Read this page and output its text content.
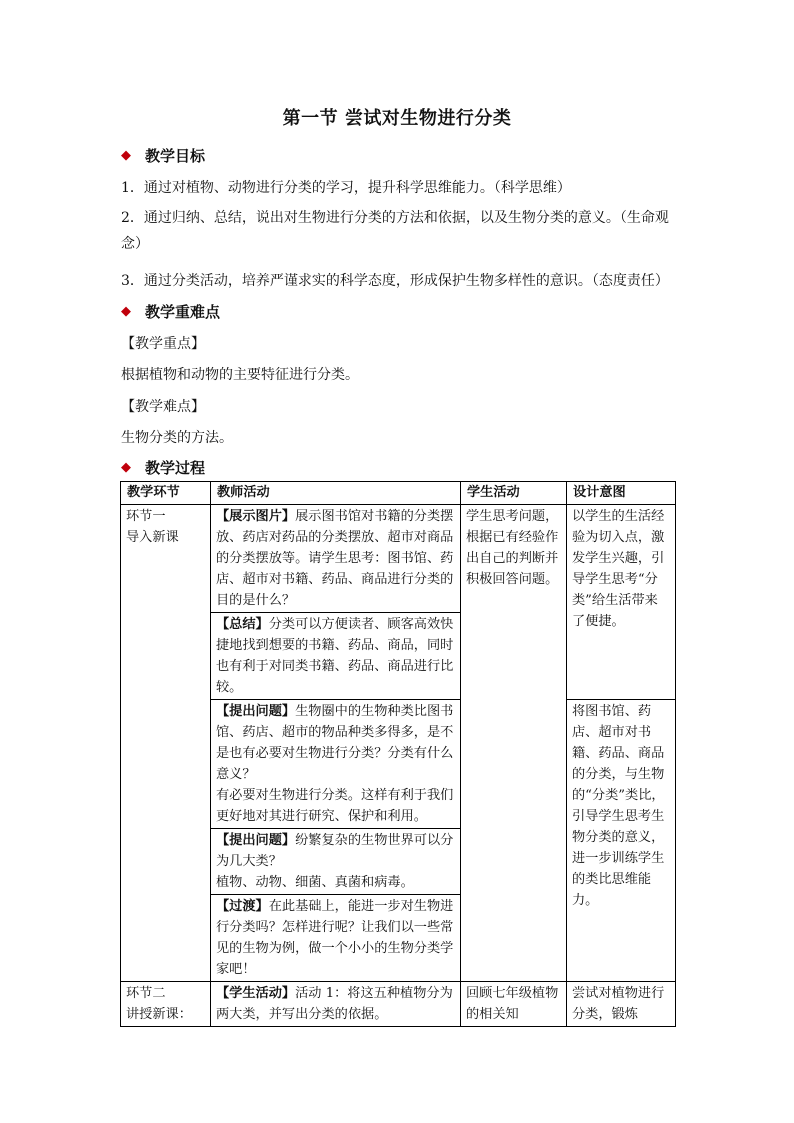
第一节 尝试对生物进行分类
◆ 教学目标
1．通过对植物、动物进行分类的学习，提升科学思维能力。（科学思维）
2．通过归纳、总结，说出对生物进行分类的方法和依据，以及生物分类的意义。（生命观念）
3．通过分类活动，培养严谨求实的科学态度，形成保护生物多样性的意识。（态度责任）
◆ 教学重难点
【教学重点】
根据植物和动物的主要特征进行分类。
【教学难点】
生物分类的方法。
◆ 教学过程
教学环节	教师活动	学生活动	设计意图

环节一
导入新课	【展示图片】展示图书馆对书籍的分类摆放、药店对药品的分类摆放、超市对商品的分类摆放等。请学生思考：图书馆、药店、超市对书籍、药品、商品进行分类的目的是什么？	学生思考问题，根据已有经验作出自己的判断并积极回答问题。	以学生的生活经验为切入点，激发学生兴趣，引导学生思考“分类”给生活带来了便捷。
	【总结】分类可以方便读者、顾客高效快捷地找到想要的书籍、药品、商品，同时也有利于对同类书籍、药品、商品进行比较。		
	【提出问题】生物圈中的生物种类比图书馆、药店、超市的物品种类多得多，是不是也有必要对生物进行分类？分类有什么意义？
有必要对生物进行分类。这样有利于我们更好地对其进行研究、保护和利用。		将图书馆、药店、超市对书籍、药品、商品的分类，与生物的“分类”类比，引导学生思考生物分类的意义，进一步训练学生的类比思维能力。
	【提出问题】纷繁复杂的生物世界可以分为几大类？
植物、动物、细菌、真菌和病毒。		

	【过渡】在此基础上，能进一步对生物进行分类吗？怎样进行呢？让我们以一些常见的生物为例，做一个小小的生物分类学家吧！		

环节二
讲授新课：	【学生活动】活动 1：将这五种植物分为两大类，并写出分类的依据。	回顾七年级植物的相关知	尝试对植物进行分类，锻炼
